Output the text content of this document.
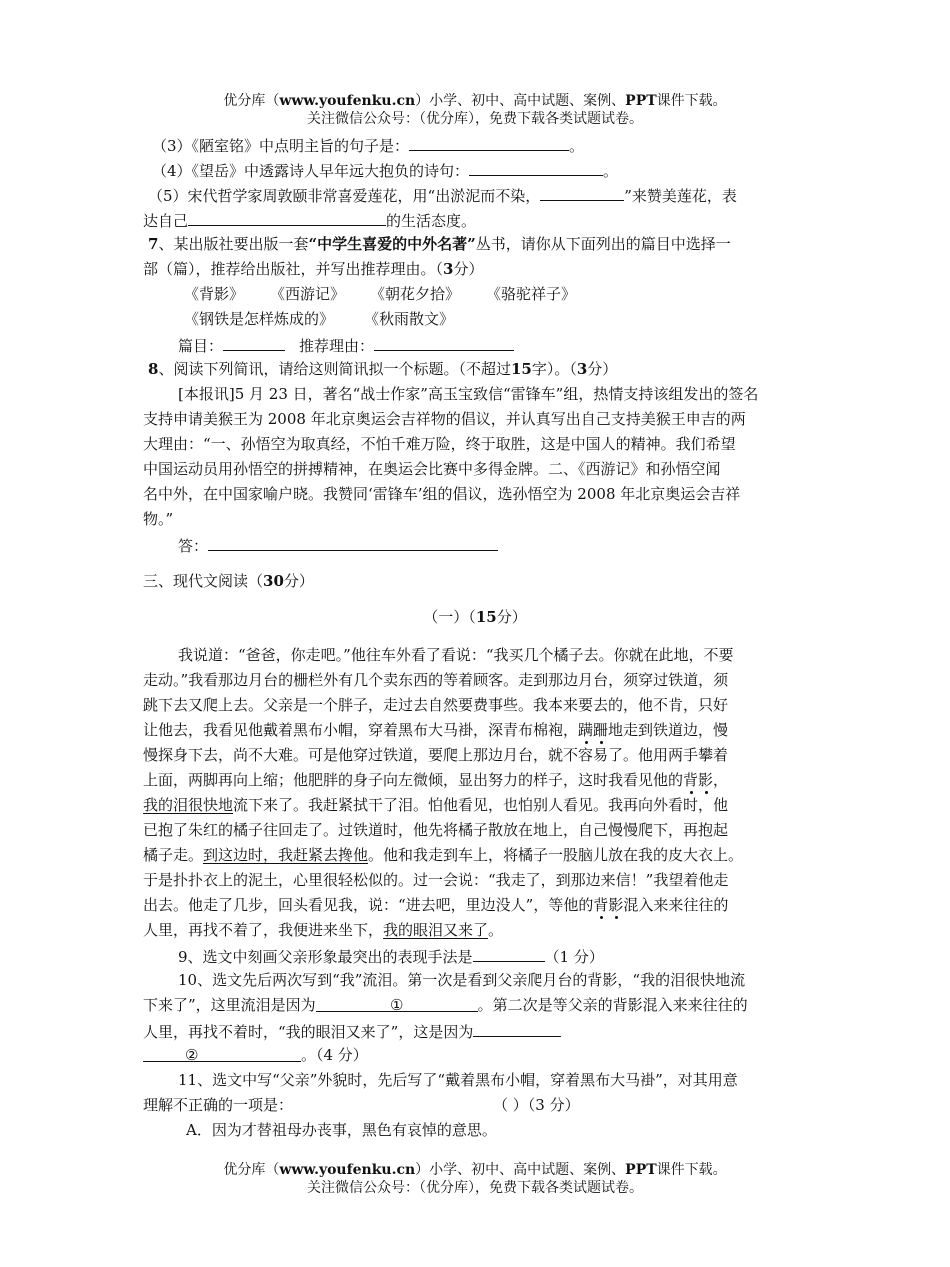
优分库（www.youfenku.cn）小学、初中、高中试题、案例、PPT课件下载。
关注微信公众号：（优分库），免费下载各类试题试卷。
（3）《陋室铭》中点明主旨的句子是：	。
（4）《望岳》中透露诗人早年远大抱负的诗句：	。
（5）宋代哲学家周敦颐非常喜爱莲花，用“出淤泥而不染，	”来赞美莲花，表
达自己	的生活态度。
7、某出版社要出版一套“中学生喜爱的中外名著”丛书，请你从下面列出的篇目中选择一
部（篇），推荐给出版社，并写出推荐理由。（3分）
《背影》 《西游记》 《朝花夕拾》 《骆驼祥子》
《钢铁是怎样炼成的》 《秋雨散文》
篇目：	推荐理由：
8、阅读下列简讯，请给这则简讯拟一个标题。（不超过15字）。（3分）
[本报讯]5 月 23 日，著名“战士作家”高玉宝致信“雷锋车”组，热情支持该组发出的签名
支持申请美猴王为 2008 年北京奥运会吉祥物的倡议，并认真写出自己支持美猴王申吉的两
大理由：“一、孙悟空为取真经，不怕千难万险，终于取胜，这是中国人的精神。我们希望
中国运动员用孙悟空的拼搏精神，在奥运会比赛中多得金牌。二、《西游记》和孙悟空闻
名中外，在中国家喻户晓。我赞同‘雷锋车’组的倡议，选孙悟空为 2008 年北京奥运会吉祥
物。”
答：
三、现代文阅读（30分）
（一）（15分）
我说道：“爸爸，你走吧。”他往车外看了看说：“我买几个橘子去。你就在此地，不要
走动。”我看那边月台的栅栏外有几个卖东西的等着顾客。走到那边月台，须穿过铁道，须
跳下去又爬上去。父亲是一个胖子，走过去自然要费事些。我本来要去的，他不肯，只好
让他去，我看见他戴着黑布小帽，穿着黑布大马褂，深青布棉袍，蹒跚地走到铁道边，慢
慢探身下去，尚不大难。可是他穿过铁道，要爬上那边月台，就不容易了。他用两手攀着
上面，两脚再向上缩；他肥胖的身子向左微倾，显出努力的样子，这时我看见他的背影，
我的泪很快地流下来了。我赶紧拭干了泪。怕他看见，也怕别人看见。我再向外看时，他
已抱了朱红的橘子往回走了。过铁道时，他先将橘子散放在地上，自己慢慢爬下，再抱起
橘子走。到这边时，我赶紧去搀他。他和我走到车上，将橘子一股脑儿放在我的皮大衣上。
于是扑扑衣上的泥土，心里很轻松似的。过一会说：“我走了，到那边来信！”我望着他走
出去。他走了几步，回头看见我，说：“进去吧，里边没人”，等他的背影混入来来往往的
人里，再找不着了，我便进来坐下，我的眼泪又来了。
9、选文中刻画父亲形象最突出的表现手法是	（1 分）
10、选文先后两次写到“我”流泪。第一次是看到父亲爬月台的背影，“我的泪很快地流
下来了”，这里流泪是因为	①	。第二次是等父亲的背影混入来来往往的
人里，再找不着时，“我的眼泪又来了”，这是因为
②	。（4 分）
11、选文中写“父亲”外貌时，先后写了“戴着黑布小帽，穿着黑布大马褂”，对其用意
理解不正确的一项是：	（ ）（3 分）
A．因为才替祖母办丧事，黑色有哀悼的意思。
优分库（www.youfenku.cn）小学、初中、高中试题、案例、PPT课件下载。
关注微信公众号：（优分库），免费下载各类试题试卷。
